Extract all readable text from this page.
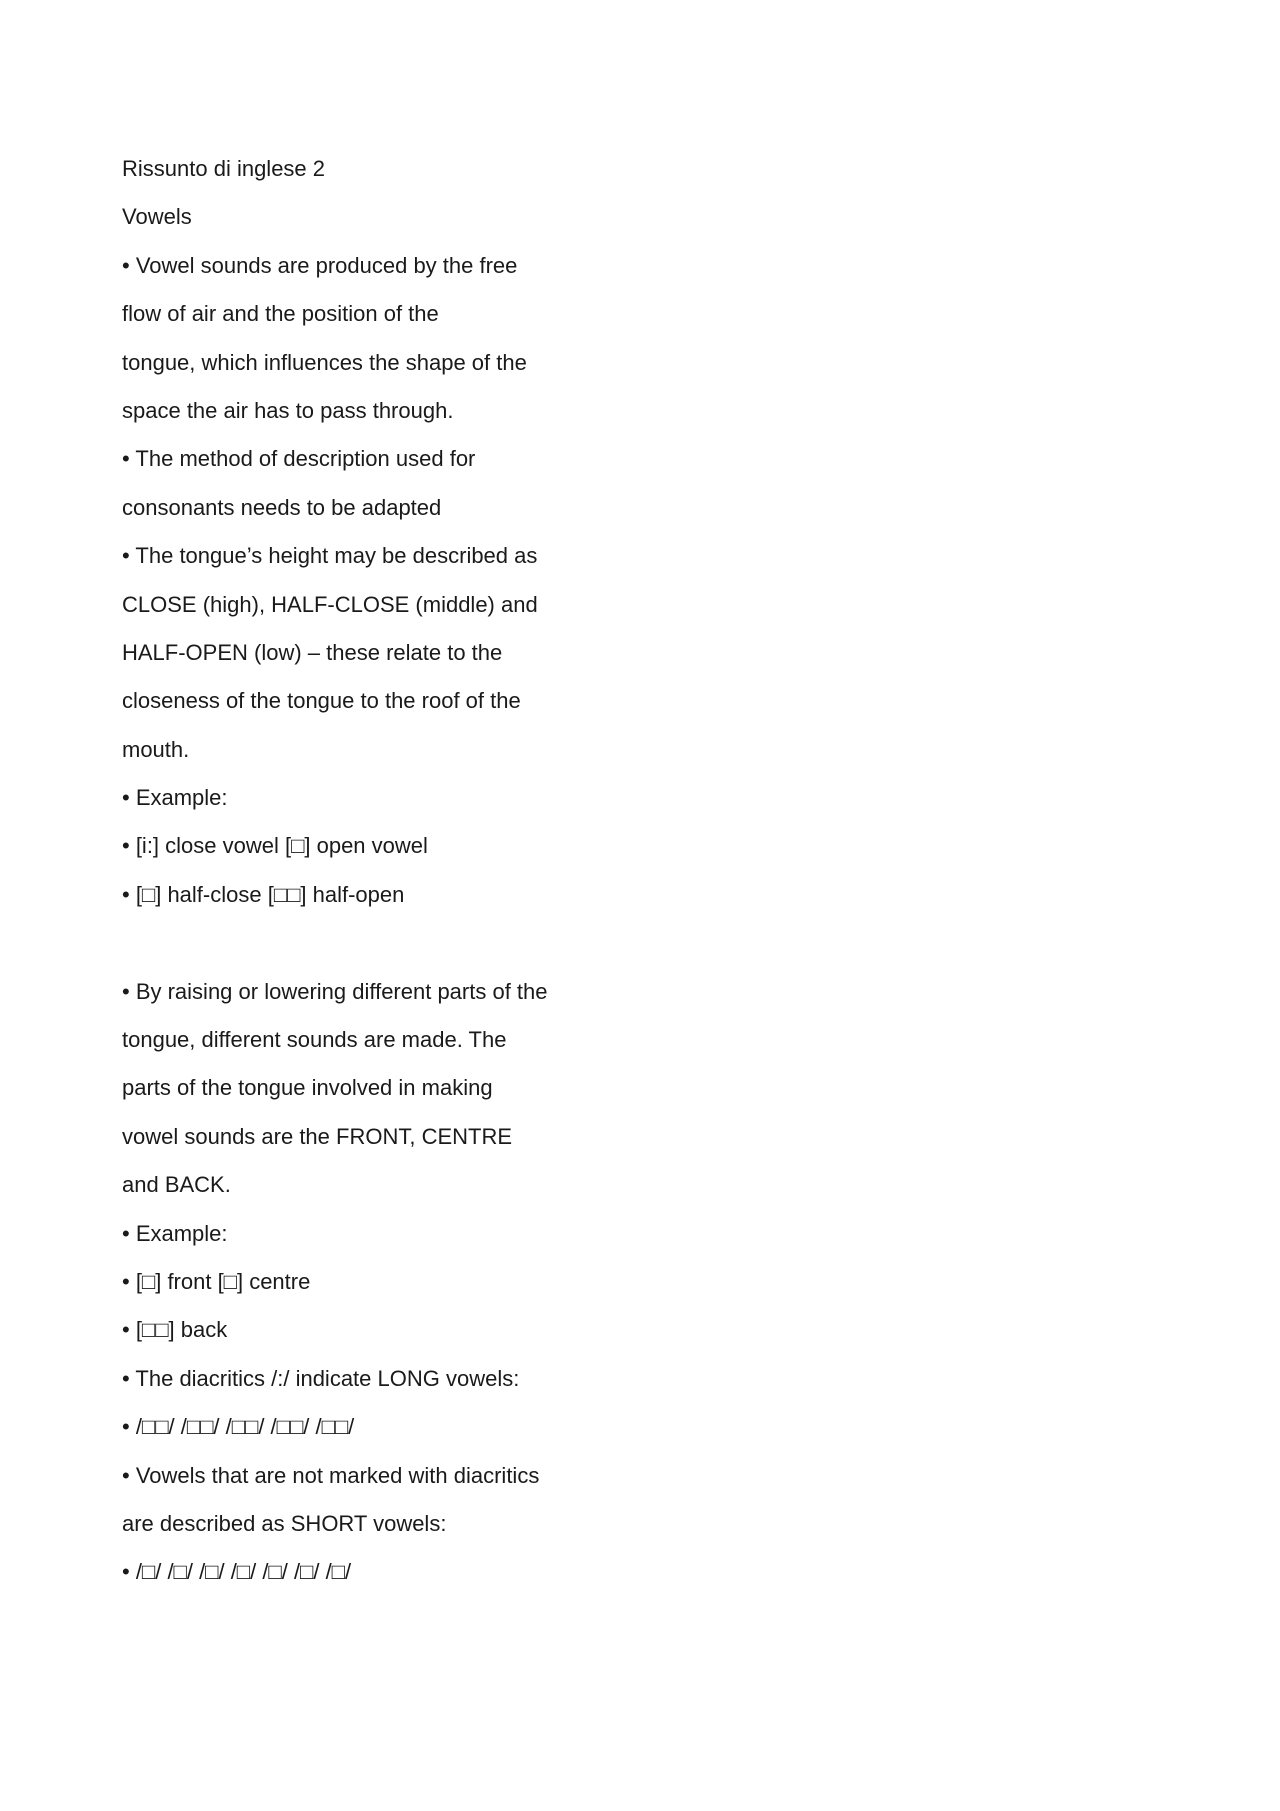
Rissunto di inglese 2

Vowels

• Vowel sounds are produced by the free

flow of air and the position of the

tongue, which influences the shape of the

space the air has to pass through.

• The method of description used for

consonants needs to be adapted

• The tongue’s height may be described as

CLOSE (high), HALF-CLOSE (middle) and

HALF-OPEN (low) – these relate to the

closeness of the tongue to the roof of the

mouth.

• Example:

• [i:] close vowel [□] open vowel

• [□] half-close [□□] half-open

• By raising or lowering different parts of the

tongue, different sounds are made. The

parts of the tongue involved in making

vowel sounds are the FRONT, CENTRE

and BACK.

• Example:

• [□] front [□] centre

• [□□] back

• The diacritics /:/ indicate LONG vowels:

• /□□/ /□□/ /□□/ /□□/ /□□/

• Vowels that are not marked with diacritics

are described as SHORT vowels:

• /□/ /□/ /□/ /□/ /□/ /□/ /□/
